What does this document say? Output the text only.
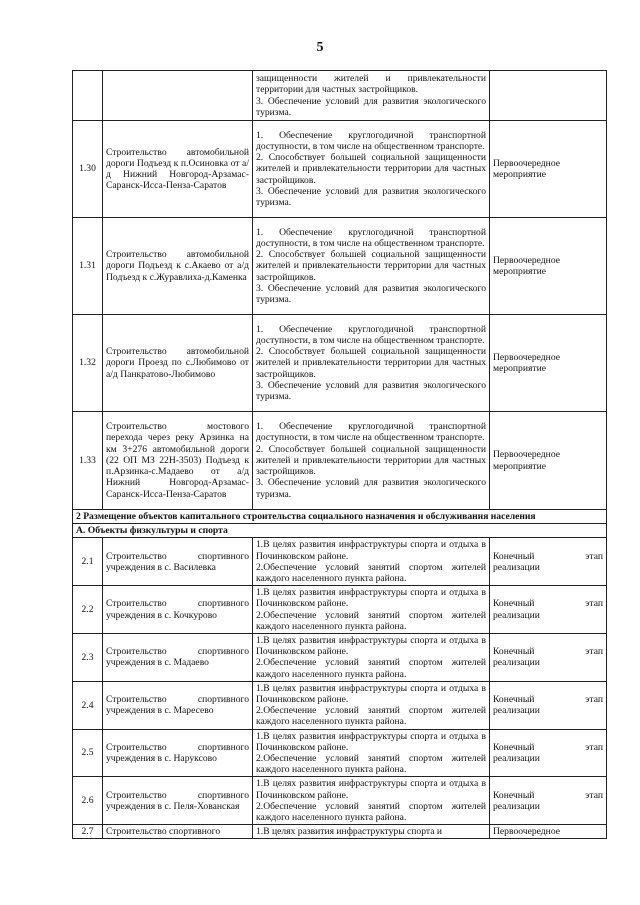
5

		защищенности жителей и привлекательности территории для частных застройщиков.
3. Обеспечение условий для развития экологического туризма.	

1.30	Строительство автомобильной дороги Подъезд к п.Осиновка от а/д Нижний Новгород-Арзамас-Саранск-Исса-Пенза-Саратов	1. Обеспечение круглогодичной транспортной доступности, в том числе на общественном транспорте.
2. Способствует большей социальной защищенности жителей и привлекательности территории для частных застройщиков.
3. Обеспечение условий для развития экологического туризма.	Первоочередное мероприятие
1.31	Строительство автомобильной дороги Подъезд к с.Акаево от а/д Подъезд к с.Журавлиха-д.Каменка	1. Обеспечение круглогодичной транспортной доступности, в том числе на общественном транспорте.
2. Способствует большей социальной защищенности жителей и привлекательности территории для частных застройщиков.
3. Обеспечение условий для развития экологического туризма.	Первоочередное мероприятие
1.32	Строительство автомобильной дороги Проезд по с.Любимово от а/д Панкратово-Любимово	1. Обеспечение круглогодичной транспортной доступности, в том числе на общественном транспорте.
2. Способствует большей социальной защищенности жителей и привлекательности территории для частных застройщиков.
3. Обеспечение условий для развития экологического туризма.	Первоочередное мероприятие
1.33	Строительство мостового перехода через реку Арзинка на км 3+276 автомобильной дороги (22 ОП МЗ 22Н-3503) Подъезд к п.Арзинка-с.Мадаево от а/д Нижний Новгород-Арзамас-Саранск-Исса-Пенза-Саратов	1. Обеспечение круглогодичной транспортной доступности, в том числе на общественном транспорте.
2. Способствует большей социальной защищенности жителей и привлекательности территории для частных застройщиков.
3. Обеспечение условий для развития экологического туризма.	Первоочередное мероприятие
2 Размещение объектов капитального строительства социального назначения и обслуживания населения			
А. Объекты физкультуры и спорта			
2.1	Строительство спортивного учреждения в с. Василевка	1.В целях развития инфраструктуры спорта и отдыха в Починковском районе.
2.Обеспечение условий занятий спортом жителей каждого населенного пункта района.	Конечный этап реализации
2.2	Строительство спортивного учреждения в с. Кочкурово	1.В целях развития инфраструктуры спорта и отдыха в Починковском районе.
2.Обеспечение условий занятий спортом жителей каждого населенного пункта района.	Конечный этап реализации
2.3	Строительство спортивного учреждения в с. Мадаево	1.В целях развития инфраструктуры спорта и отдыха в Починковском районе.
2.Обеспечение условий занятий спортом жителей каждого населенного пункта района.	Конечный этап реализации
2.4	Строительство спортивного учреждения в с. Маресево	1.В целях развития инфраструктуры спорта и отдыха в Починковском районе.
2.Обеспечение условий занятий спортом жителей каждого населенного пункта района.	Конечный этап реализации
2.5	Строительство спортивного учреждения в с. Наруксово	1.В целях развития инфраструктуры спорта и отдыха в Починковском районе.
2.Обеспечение условий занятий спортом жителей каждого населенного пункта района.	Конечный этап реализации
2.6	Строительство спортивного учреждения в с. Пеля-Хованская	1.В целях развития инфраструктуры спорта и отдыха в Починковском районе.
2.Обеспечение условий занятий спортом жителей каждого населенного пункта района.	Конечный этап реализации
2.7	Строительство спортивного	1.В целях развития инфраструктуры спорта и	Первоочередное
